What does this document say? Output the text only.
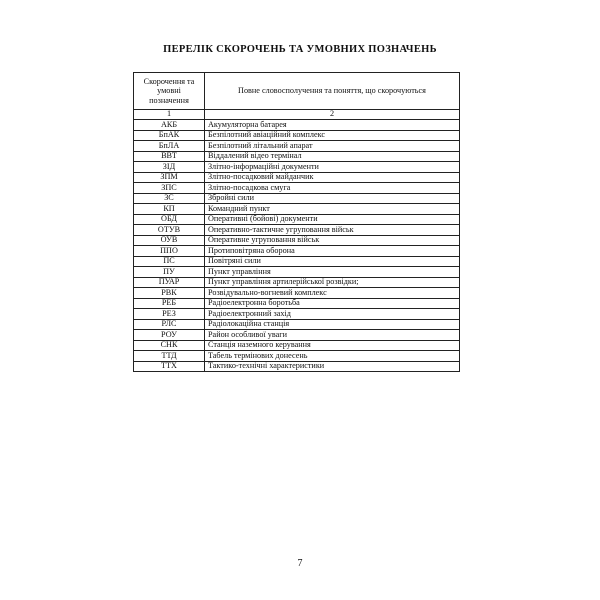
ПЕРЕЛІК СКОРОЧЕНЬ ТА УМОВНИХ ПОЗНАЧЕНЬ
Скорочення та умовні позначення	Повне словосполучення та поняття, що скорочуються
1	2
АКБ	Акумуляторна батарея
БпАК	Безпілотний авіаційний комплекс
БпЛА	Безпілотний літальний апарат
ВВТ	Віддалений відео термінал
ЗІД	Злітно-інформаційні документи
ЗПМ	Злітно-посадковий майданчик
ЗПС	Злітно-посадкова смуга
ЗС	Збройні сили
КП	Командний пункт
ОБД	Оперативні (бойові) документи
ОТУВ	Оперативно-тактичне угруповання військ
ОУВ	Оперативне угруповання військ
ППО	Протиповітряна оборона
ПС	Повітряні сили
ПУ	Пункт управління
ПУАР	Пункт управління артилерійської розвідки;
РВК	Розвідувально-вогневий комплекс
РЕБ	Радіоелектронна боротьба
РЕЗ	Радіоелектронний захід
РЛС	Радіолокаційна станція
РОУ	Район особливої уваги
СНК	Станція наземного керування
ТТД	Табель термінових донесень
ТТХ	Тактико-технічні характеристики
7
